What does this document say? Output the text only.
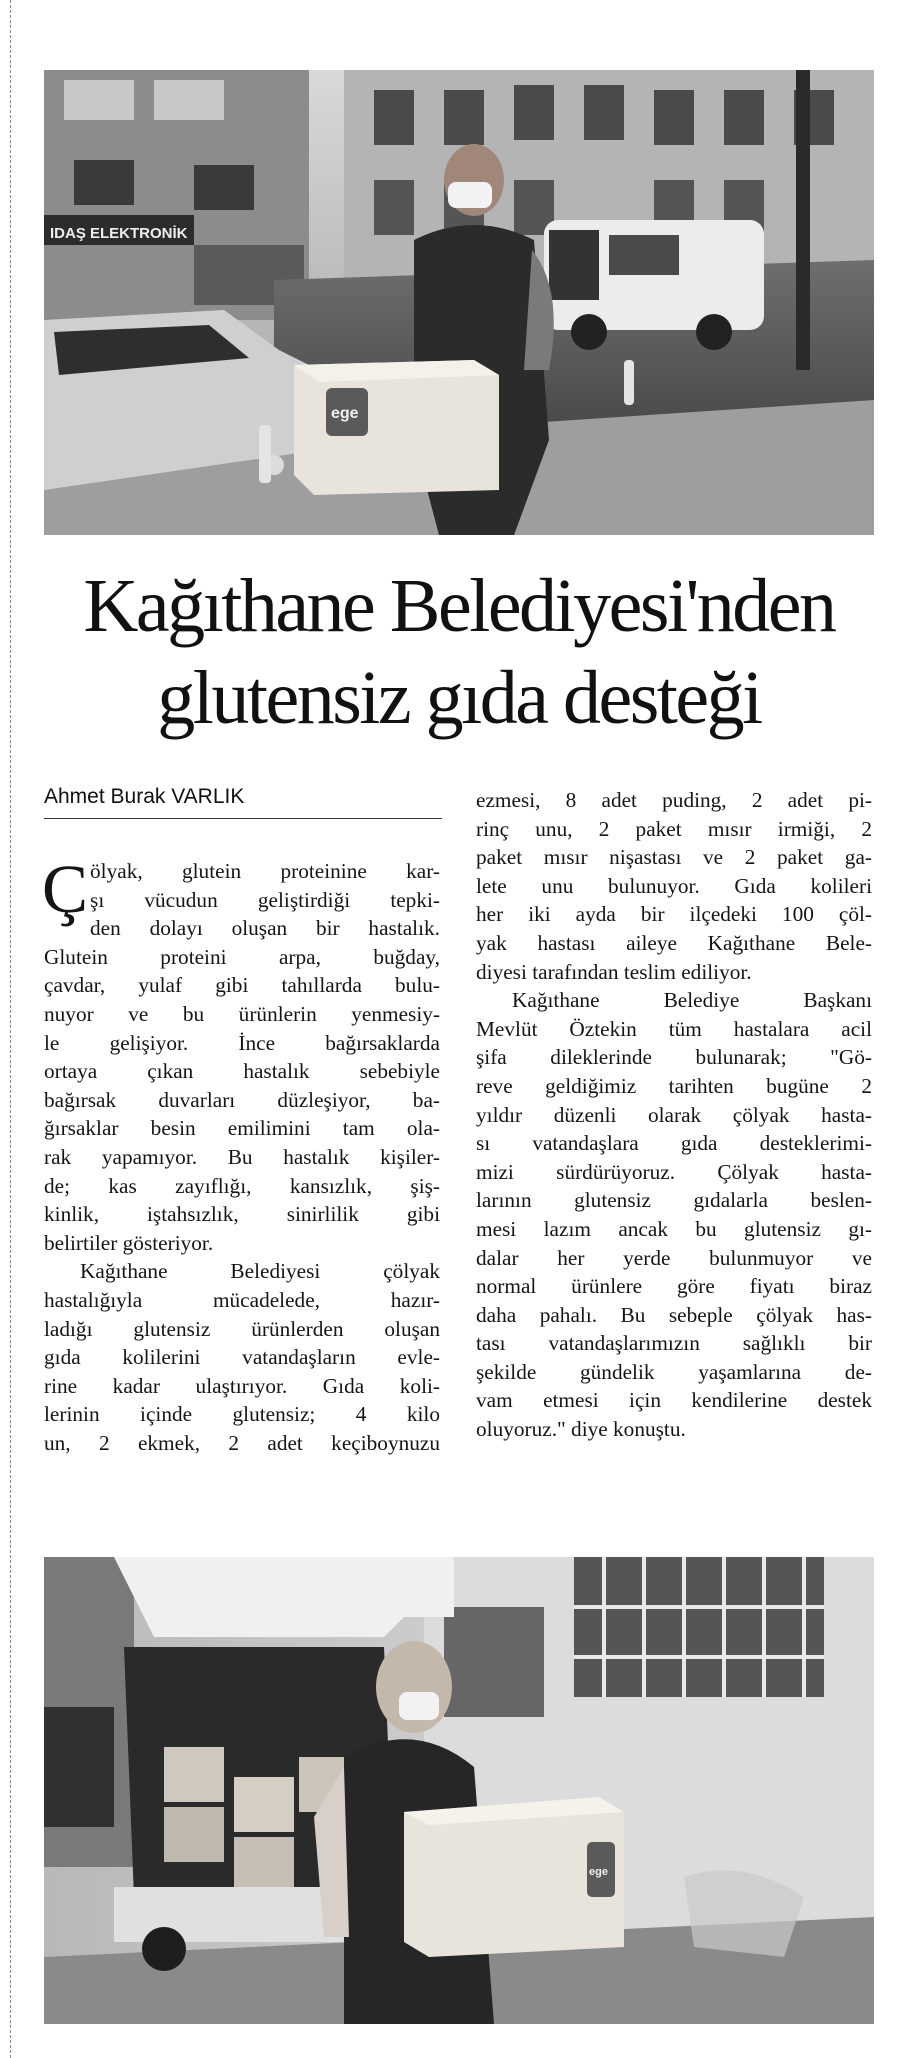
IDAŞ ELEKTRONİK
ege
Kağıthane Belediyesi'nden
glutensiz gıda desteği
Ahmet Burak VARLIK

Ç ölyak, glutein proteinine kar-
şı vücudun geliştirdiği tepki-
den dolayı oluşan bir hastalık.
Glutein proteini arpa, buğday,
çavdar, yulaf gibi tahıllarda bulu-
nuyor ve bu ürünlerin yenmesiy-
le gelişiyor. İnce bağırsaklarda
ortaya çıkan hastalık sebebiyle
bağırsak duvarları düzleşiyor, ba-
ğırsaklar besin emilimini tam ola-
rak yapamıyor. Bu hastalık kişiler-
de; kas zayıflığı, kansızlık, şiş-
kinlik, iştahsızlık, sinirlilik gibi
belirtiler gösteriyor.

Kağıthane Belediyesi çölyak
hastalığıyla mücadelede, hazır-
ladığı glutensiz ürünlerden oluşan
gıda kolilerini vatandaşların evle-
rine kadar ulaştırıyor. Gıda koli-
lerinin içinde glutensiz; 4 kilo
un, 2 ekmek, 2 adet keçiboynuzu

ezmesi, 8 adet puding, 2 adet pi-
rinç unu, 2 paket mısır irmiği, 2
paket mısır nişastası ve 2 paket ga-
lete unu bulunuyor. Gıda kolileri
her iki ayda bir ilçedeki 100 çöl-
yak hastası aileye Kağıthane Bele-
diyesi tarafından teslim ediliyor.

Kağıthane Belediye Başkanı
Mevlüt Öztekin tüm hastalara acil
şifa dileklerinde bulunarak; "Gö-
reve geldiğimiz tarihten bugüne 2
yıldır düzenli olarak çölyak hasta-
sı vatandaşlara gıda desteklerimi-
mizi sürdürüyoruz. Çölyak hasta-
larının glutensiz gıdalarla beslen-
mesi lazım ancak bu glutensiz gı-
dalar her yerde bulunmuyor ve
normal ürünlere göre fiyatı biraz
daha pahalı. Bu sebeple çölyak has-
tası vatandaşlarımızın sağlıklı bir
şekilde gündelik yaşamlarına de-
vam etmesi için kendilerine destek
oluyoruz." diye konuştu.

ege
